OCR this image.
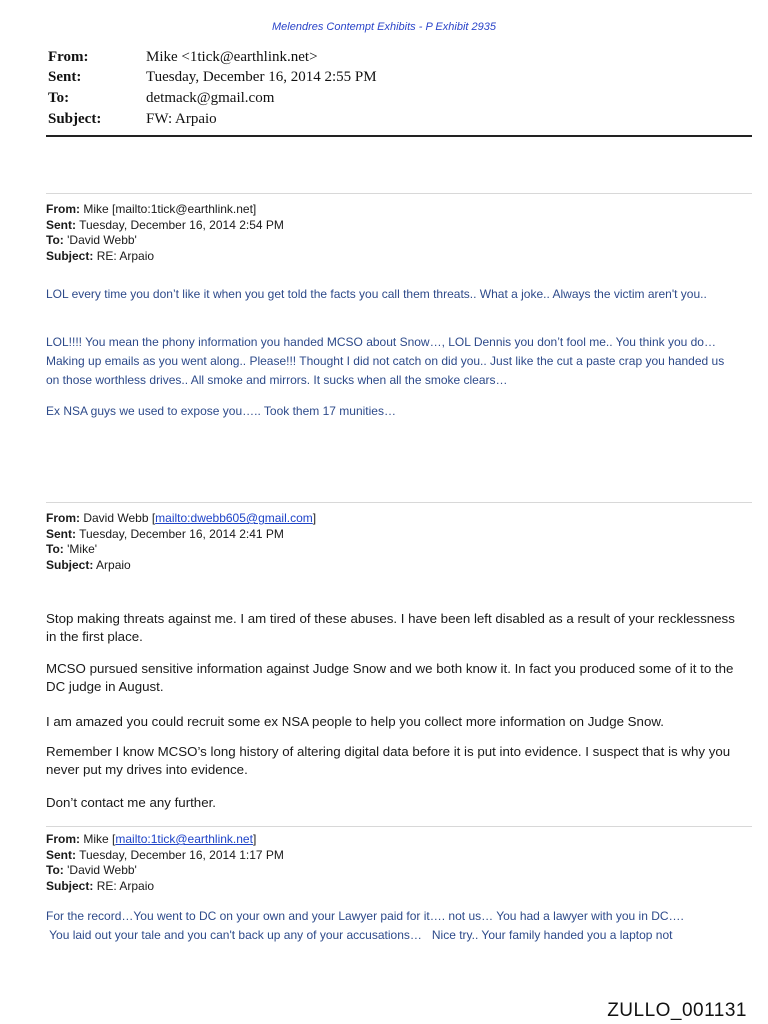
Melendres Contempt Exhibits - P Exhibit 2935
From:	Mike <1tick@earthlink.net>
Sent:	Tuesday, December 16, 2014 2:55 PM
To:	detmack@gmail.com
Subject:	FW: Arpaio
From: Mike [mailto:1tick@earthlink.net]
Sent: Tuesday, December 16, 2014 2:54 PM
To: 'David Webb'
Subject: RE: Arpaio
LOL every time you don’t like it when you get told the facts you call them threats.. What a joke.. Always the victim aren't you..
LOL!!!! You mean the phony information you handed MCSO about Snow…, LOL Dennis you don’t fool me.. You think you do…Making up emails as you went along.. Please!!! Thought I did not catch on did you.. Just like the cut a paste crap you handed us on those worthless drives.. All smoke and mirrors. It sucks when all the smoke clears…
Ex NSA guys we used to expose you….. Took them 17 munities…
From: David Webb [mailto:dwebb605@gmail.com]
Sent: Tuesday, December 16, 2014 2:41 PM
To: 'Mike'
Subject: Arpaio
Stop making threats against me. I am tired of these abuses. I have been left disabled as a result of your recklessness in the first place.
MCSO pursued sensitive information against Judge Snow and we both know it. In fact you produced some of it to the DC judge in August.
I am amazed you could recruit some ex NSA people to help you collect more information on Judge Snow.
Remember I know MCSO’s long history of altering digital data before it is put into evidence. I suspect that is why you never put my drives into evidence.
Don’t contact me any further.
From: Mike [mailto:1tick@earthlink.net]
Sent: Tuesday, December 16, 2014 1:17 PM
To: 'David Webb'
Subject: RE: Arpaio
For the record…You went to DC on your own and your Lawyer paid for it…. not us… You had a lawyer with you in DC….
You laid out your tale and you can't back up any of your accusations…   Nice try.. Your family handed you a laptop not
ZULLO_001131
